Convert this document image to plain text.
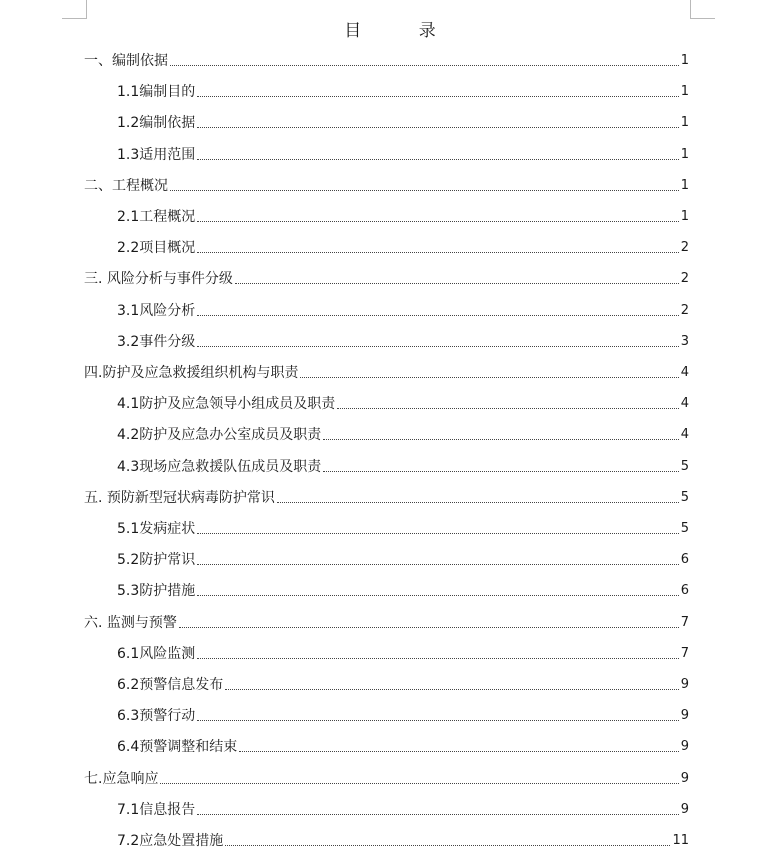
目 录
一、编制依据	1
1.1编制目的	1
1.2编制依据	1
1.3适用范围	1
二、工程概况	1
2.1工程概况	1
2.2项目概况	2
三. 风险分析与事件分级	2
3.1风险分析	2
3.2事件分级	3
四.防护及应急救援组织机构与职责	4
4.1防护及应急领导小组成员及职责	4
4.2防护及应急办公室成员及职责	4
4.3现场应急救援队伍成员及职责	5
五. 预防新型冠状病毒防护常识	5
5.1发病症状	5
5.2防护常识	6
5.3防护措施	6
六. 监测与预警	7
6.1风险监测	7
6.2预警信息发布	9
6.3预警行动	9
6.4预警调整和结束	9
七.应急响应	9
7.1信息报告	9
7.2应急处置措施	11
